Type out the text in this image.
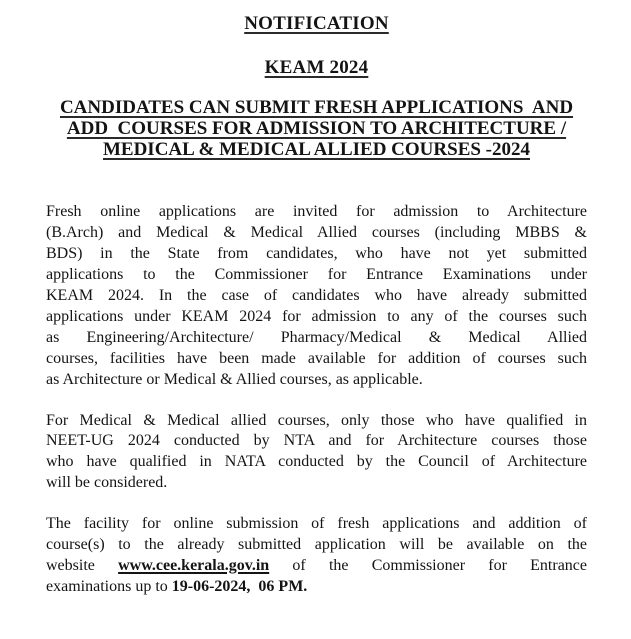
NOTIFICATION
KEAM 2024
CANDIDATES CAN SUBMIT FRESH APPLICATIONS  AND
ADD  COURSES FOR ADMISSION TO ARCHITECTURE /
MEDICAL & MEDICAL ALLIED COURSES -2024
Fresh online applications are invited for admission to Architecture
(B.Arch) and Medical & Medical Allied courses (including MBBS &
BDS) in the State from candidates, who have not yet submitted
applications to the Commissioner for Entrance Examinations under
KEAM 2024. In the case of candidates who have already submitted
applications under KEAM 2024 for admission to any of the courses such
as Engineering/Architecture/ Pharmacy/Medical & Medical Allied
courses, facilities have been made available for addition of courses such
as Architecture or Medical & Allied courses, as applicable.
For Medical & Medical allied courses, only those who have qualified in
NEET-UG 2024 conducted by NTA and for Architecture courses those
who have qualified in NATA conducted by the Council of Architecture
will be considered.
The facility for online submission of fresh applications and addition of
course(s) to the already submitted application will be available on the
website www.cee.kerala.gov.in of the Commissioner for Entrance
examinations up to 19-06-2024,  06 PM.
